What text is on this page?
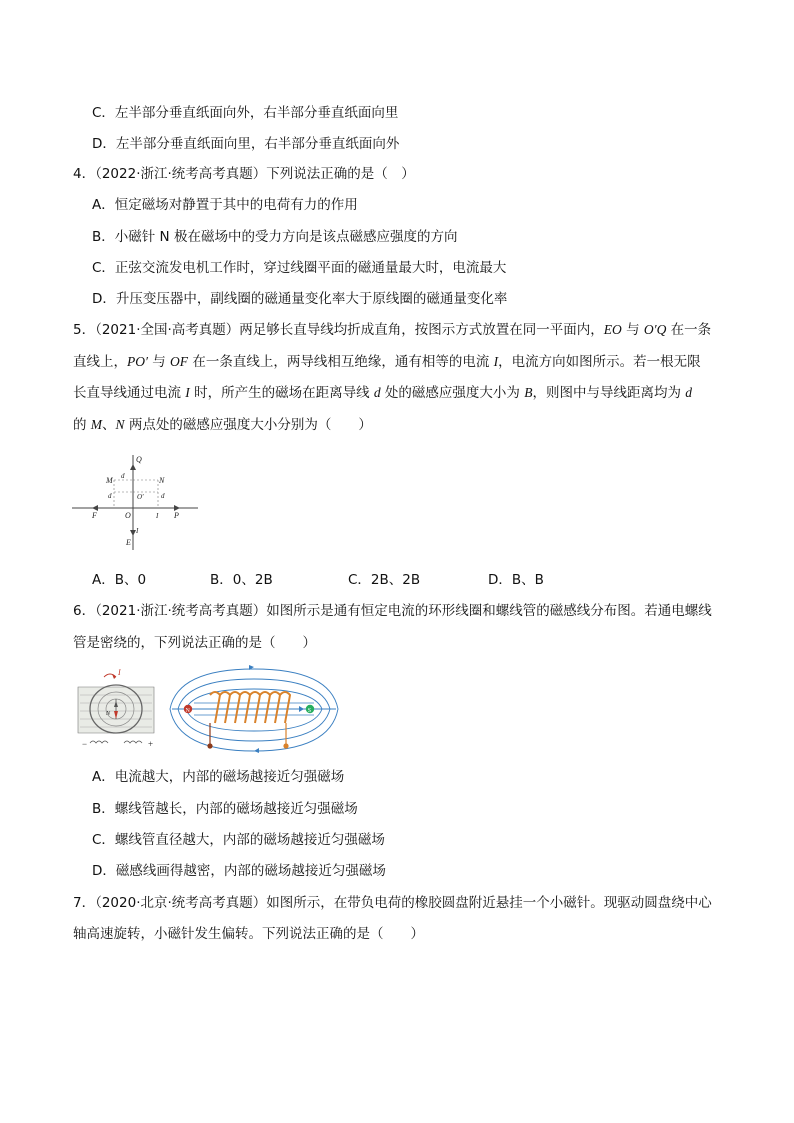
C．左半部分垂直纸面向外，右半部分垂直纸面向里
D．左半部分垂直纸面向里，右半部分垂直纸面向外
4．（2022·浙江·统考高考真题）下列说法正确的是（　）
A．恒定磁场对静置于其中的电荷有力的作用
B．小磁针 N 极在磁场中的受力方向是该点磁感应强度的方向
C．正弦交流发电机工作时，穿过线圈平面的磁通量最大时，电流最大
D．升压变压器中，副线圈的磁通量变化率大于原线圈的磁通量变化率
5．（2021·全国·高考真题）两足够长直导线均折成直角，按图示方式放置在同一平面内，EO 与 O′Q 在一条
直线上，PO′ 与 OF 在一条直线上，两导线相互绝缘，通有相等的电流 I，电流方向如图所示。若一根无限
长直导线通过电流 I 时，所产生的磁场在距离导线 d 处的磁感应强度大小为 B，则图中与导线距离均为 d
的 M、N 两点处的磁感应强度大小分别为（　　）
Q
M	N
d
d	d
O′
O
F	P
I
I
E
A．B、0	B．0、2B	C．2B、2B	D．B、B
6．（2021·浙江·统考高考真题）如图所示是通有恒定电流的环形线圈和螺线管的磁感线分布图。若通电螺线
管是密绕的，下列说法正确的是（　　）
I
N
−	+
N	S
A．电流越大，内部的磁场越接近匀强磁场
B．螺线管越长，内部的磁场越接近匀强磁场
C．螺线管直径越大，内部的磁场越接近匀强磁场
D．磁感线画得越密，内部的磁场越接近匀强磁场
7．（2020·北京·统考高考真题）如图所示，在带负电荷的橡胶圆盘附近悬挂一个小磁针。现驱动圆盘绕中心
轴高速旋转，小磁针发生偏转。下列说法正确的是（　　）
